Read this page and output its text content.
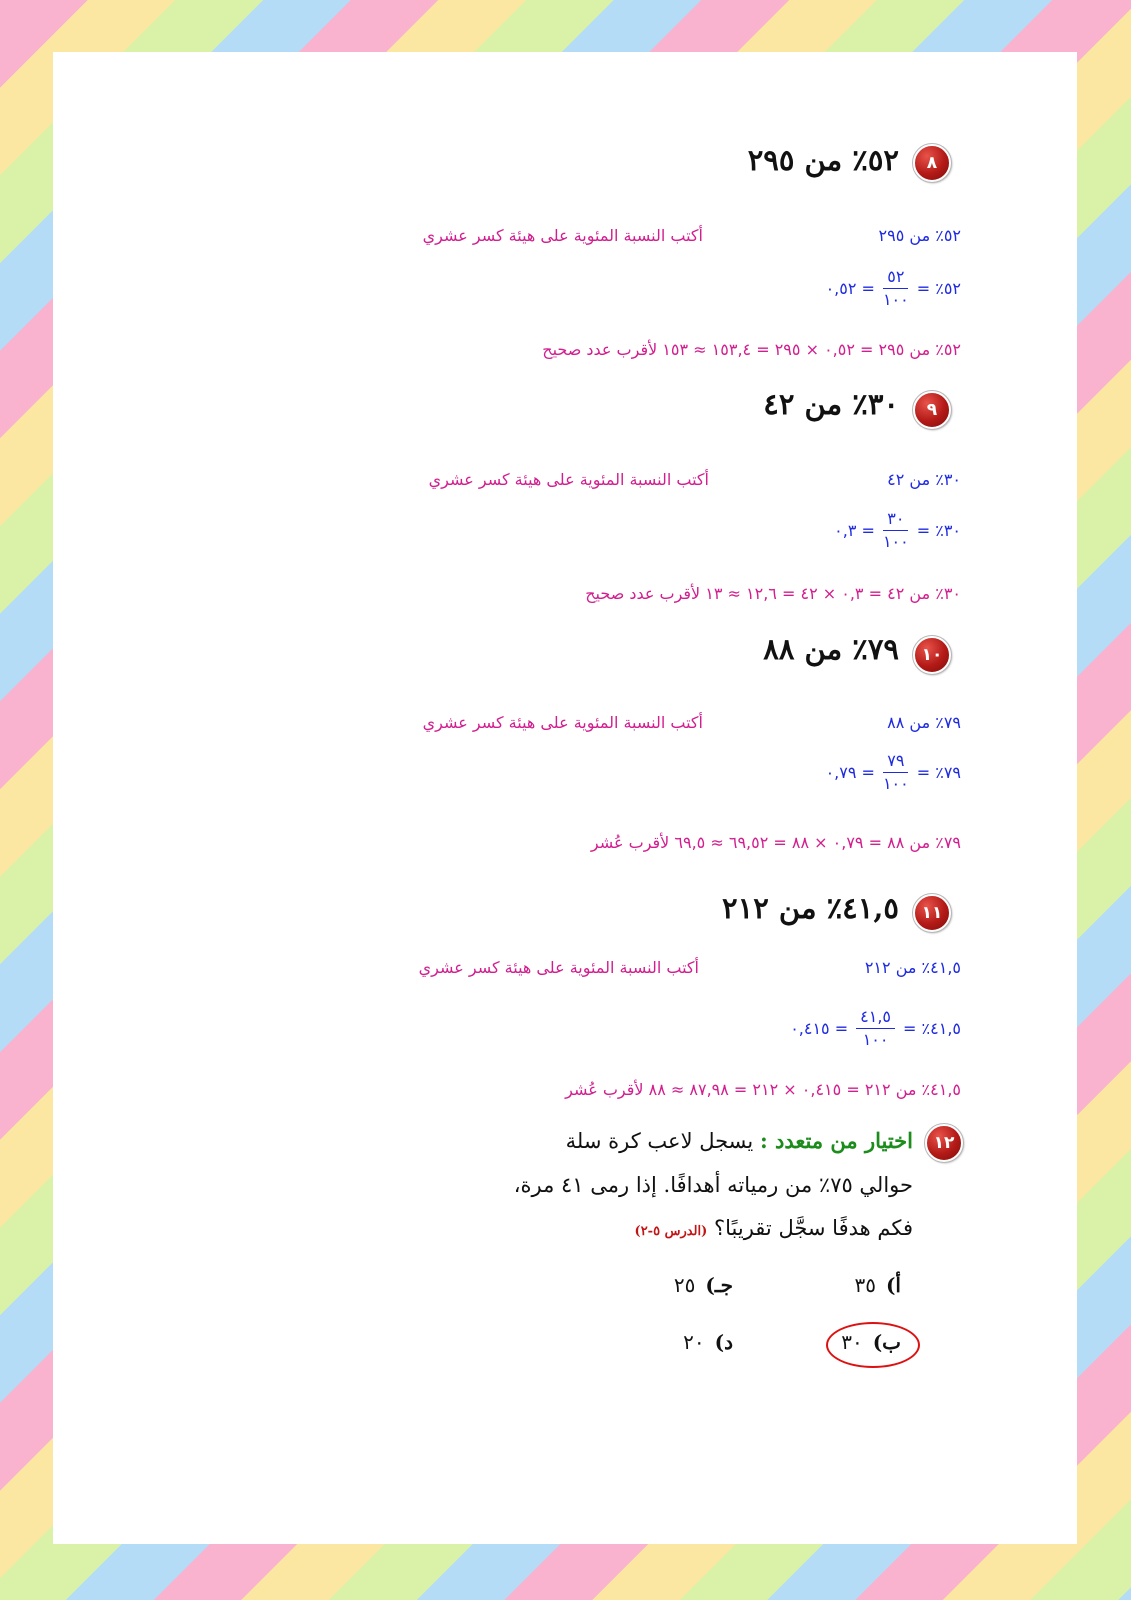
٨
٥٢٪ من ٢٩٥
٥٢٪ من ٢٩٥
أكتب النسبة المئوية على هيئة كسر عشري
٥٢٪ =
$\frac{٥٢}{١٠٠}$
= ٠,٥٢
٥٢٪ من ٢٩٥ = ٠,٥٢ × ٢٩٥ = ١٥٣,٤ ≈ ١٥٣ لأقرب عدد صحيح
٩
٣٠٪ من ٤٢
٣٠٪ من ٤٢
أكتب النسبة المئوية على هيئة كسر عشري
٣٠٪ =
$\frac{٣٠}{١٠٠}$
= ٠,٣
٣٠٪ من ٤٢ = ٠,٣ × ٤٢ = ١٢,٦ ≈ ١٣ لأقرب عدد صحيح
١٠
٧٩٪ من ٨٨
٧٩٪ من ٨٨
أكتب النسبة المئوية على هيئة كسر عشري
٧٩٪ =
$\frac{٧٩}{١٠٠}$
= ٠,٧٩
٧٩٪ من ٨٨ = ٠,٧٩ × ٨٨ = ٦٩,٥٢ ≈ ٦٩,٥ لأقرب عُشر
١١
٤١,٥٪ من ٢١٢
٤١,٥٪ من ٢١٢
أكتب النسبة المئوية على هيئة كسر عشري
٤١,٥٪ =
$\frac{٤١,٥}{١٠٠}$
= ٠,٤١٥
٤١,٥٪ من ٢١٢ = ٠,٤١٥ × ٢١٢ = ٨٧,٩٨ ≈ ٨٨ لأقرب عُشر
١٢
اختيار من متعدد : يسجل لاعب كرة سلة
حوالي ٧٥٪ من رمياته أهدافًا. إذا رمى ٤١ مرة،
فكم هدفًا سجَّل تقريبًا؟ (الدرس ٥-٢)
أ)٣٥
ب)٣٠
جـ)٢٥
د)٢٠
